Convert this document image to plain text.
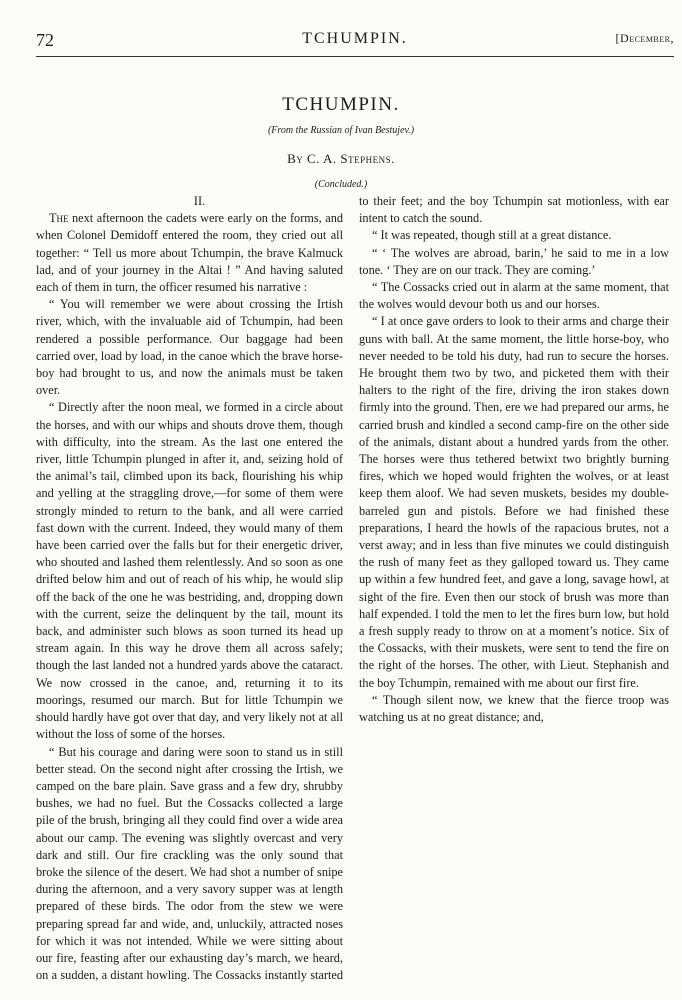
72	TCHUMPIN.	[December,
TCHUMPIN.
(From the Russian of Ivan Bestujev.)
By C. A. Stephens.
(Concluded.)
II.

The next afternoon the cadets were early on the forms, and when Colonel Demidoff entered the room, they cried out all together: “ Tell us more about Tchumpin, the brave Kalmuck lad, and of your journey in the Altai ! ” And having saluted each of them in turn, the officer resumed his narrative :

“ You will remember we were about crossing the Irtish river, which, with the invaluable aid of Tchumpin, had been rendered a possible performance. Our baggage had been carried over, load by load, in the canoe which the brave horse-boy had brought to us, and now the animals must be taken over.

“ Directly after the noon meal, we formed in a circle about the horses, and with our whips and shouts drove them, though with difficulty, into the stream. As the last one entered the river, little Tchumpin plunged in after it, and, seizing hold of the animal’s tail, climbed upon its back, flourishing his whip and yelling at the straggling drove,—for some of them were strongly minded to return to the bank, and all were carried fast down with the current. Indeed, they would many of them have been carried over the falls but for their energetic driver, who shouted and lashed them relentlessly. And so soon as one drifted below him and out of reach of his whip, he would slip off the back of the one he was bestriding, and, dropping down with the current, seize the delinquent by the tail, mount its back, and administer such blows as soon turned its head up stream again. In this way he drove them all across safely; though the last landed not a hundred yards above the cataract. We now crossed in the canoe, and, returning it to its moorings, resumed our march. But for little Tchumpin we should hardly have got over that day, and very likely not at all without the loss of some of the horses.

“ But his courage and daring were soon to stand us in still better stead. On the second night after crossing the Irtish, we camped on the bare plain. Save grass and a few dry, shrubby bushes, we had no fuel. But the Cossacks collected a large pile of the brush, bringing all they could find over a wide area about our camp. The evening was slightly overcast and very dark and still. Our fire crackling was the only sound that broke the silence of the desert. We had shot a number of snipe during the afternoon, and a very savory supper was at length prepared of these birds. The odor from the stew we were preparing spread far and wide, and, unluckily, attracted noses for which it was not intended. While we were sitting about our fire, feasting after our exhausting day’s march, we heard, on a sudden, a distant howling. The Cossacks instantly started

to their feet; and the boy Tchumpin sat motionless, with ear intent to catch the sound.

“ It was repeated, though still at a great distance.

“ ‘ The wolves are abroad, barin,’ he said to me in a low tone. ‘ They are on our track. They are coming.’

“ The Cossacks cried out in alarm at the same moment, that the wolves would devour both us and our horses.

“ I at once gave orders to look to their arms and charge their guns with ball. At the same moment, the little horse-boy, who never needed to be told his duty, had run to secure the horses. He brought them two by two, and picketed them with their halters to the right of the fire, driving the iron stakes down firmly into the ground. Then, ere we had prepared our arms, he carried brush and kindled a second camp-fire on the other side of the animals, distant about a hundred yards from the other. The horses were thus tethered betwixt two brightly burning fires, which we hoped would frighten the wolves, or at least keep them aloof. We had seven muskets, besides my double-barreled gun and pistols. Before we had finished these preparations, I heard the howls of the rapacious brutes, not a verst away; and in less than five minutes we could distinguish the rush of many feet as they galloped toward us. They came up within a few hundred feet, and gave a long, savage howl, at sight of the fire. Even then our stock of brush was more than half expended. I told the men to let the fires burn low, but hold a fresh supply ready to throw on at a moment’s notice. Six of the Cossacks, with their muskets, were sent to tend the fire on the right of the horses. The other, with Lieut. Stephanish and the boy Tchumpin, remained with me about our first fire.

“ Though silent now, we knew that the fierce troop was watching us at no great distance; and,
